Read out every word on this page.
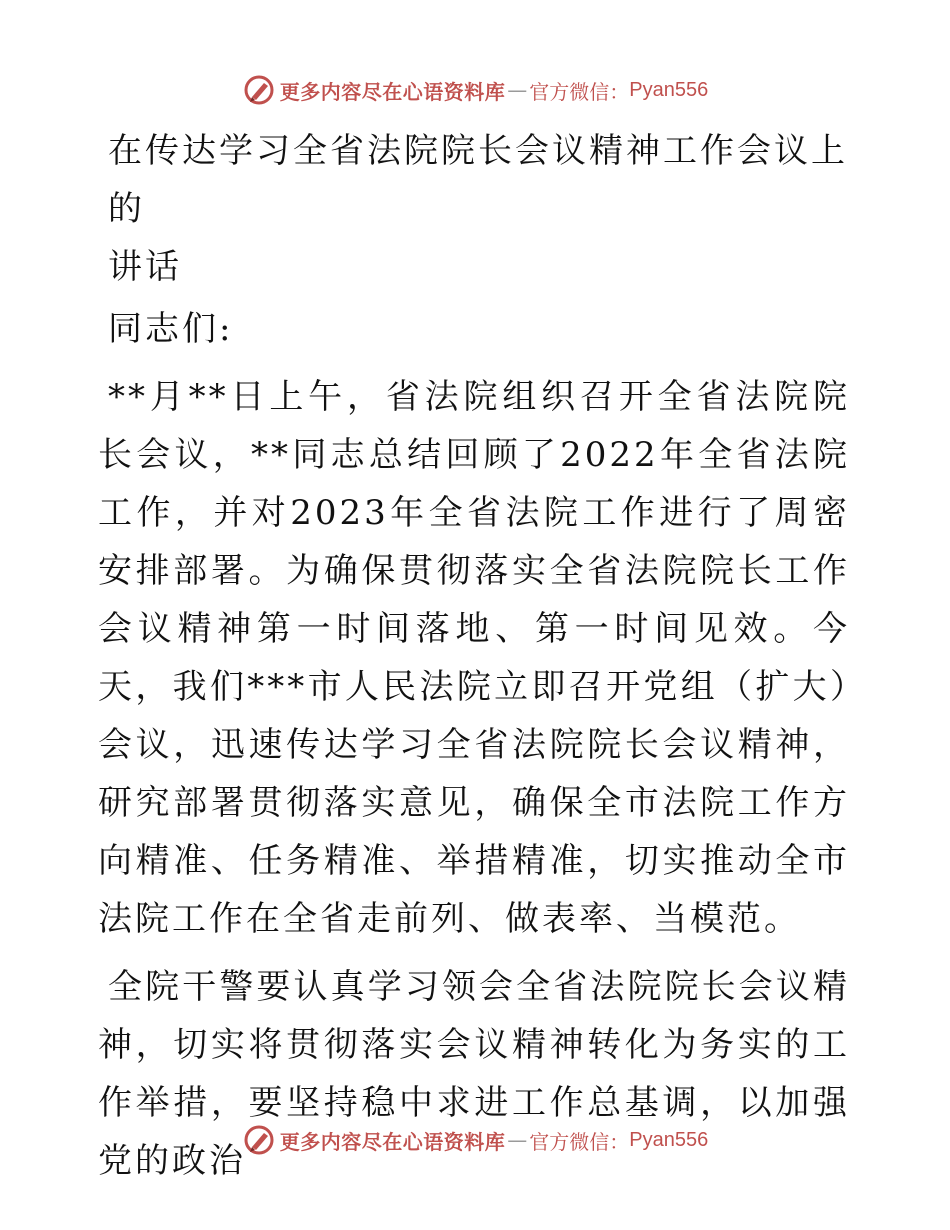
更多内容尽在心语资料库 — 官方微信： Pyan556
在传达学习全省法院院长会议精神工作会议上的
讲话

同志们:

**月**日上午，省法院组织召开全省法院院长会议，**同志总结回顾了2022年全省法院工作，并对2023年全省法院工作进行了周密安排部署。为确保贯彻落实全省法院院长工作会议精神第一时间落地、第一时间见效。今天，我们***市人民法院立即召开党组（扩大）会议，迅速传达学习全省法院院长会议精神，研究部署贯彻落实意见，确保全市法院工作方向精准、任务精准、举措精准，切实推动全市法院工作在全省走前列、做表率、当模范。

全院干警要认真学习领会全省法院院长会议精神，切实将贯彻落实会议精神转化为务实的工作举措，要坚持稳中求进工作总基调，以加强党的政治	更多内容尽在心语资料库 — 官方微信： Pyan556
